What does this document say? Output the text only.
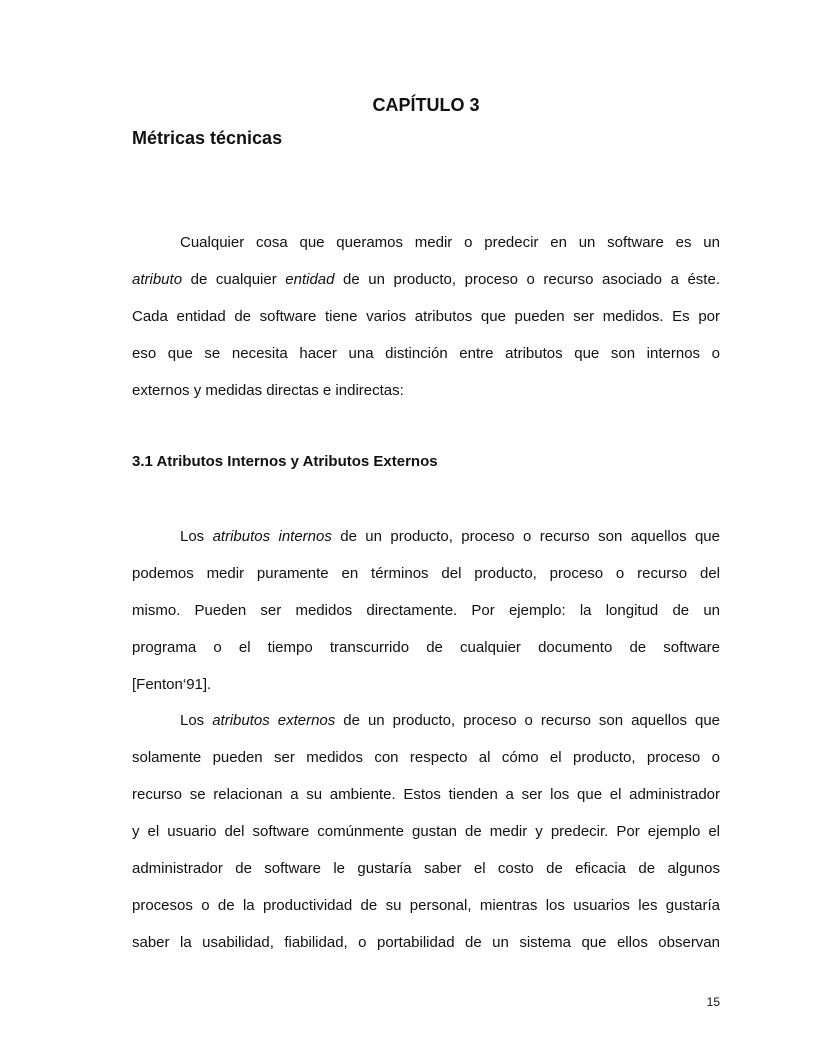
CAPÍTULO 3
Métricas técnicas
Cualquier cosa que queramos medir o predecir en un software es un
atributo de cualquier entidad de un producto, proceso o recurso asociado a éste.
Cada entidad de software tiene varios atributos que pueden ser medidos. Es por
eso que se necesita hacer una distinción entre atributos que son internos o
externos y medidas directas e indirectas:
3.1 Atributos Internos y Atributos Externos
Los atributos internos de un producto, proceso o recurso son aquellos que
podemos medir puramente en términos del producto, proceso o recurso del
mismo. Pueden ser medidos directamente. Por ejemplo: la longitud de un
programa o el tiempo transcurrido de cualquier documento de software
[Fenton‘91].
Los atributos externos de un producto, proceso o recurso son aquellos que
solamente pueden ser medidos con respecto al cómo el producto, proceso o
recurso se relacionan a su ambiente. Estos tienden a ser los que el administrador
y el usuario del software comúnmente gustan de medir y predecir. Por ejemplo el
administrador de software le gustaría saber el costo de eficacia de algunos
procesos o de la productividad de su personal, mientras los usuarios les gustaría
saber la usabilidad, fiabilidad, o portabilidad de un sistema que ellos observan
15
